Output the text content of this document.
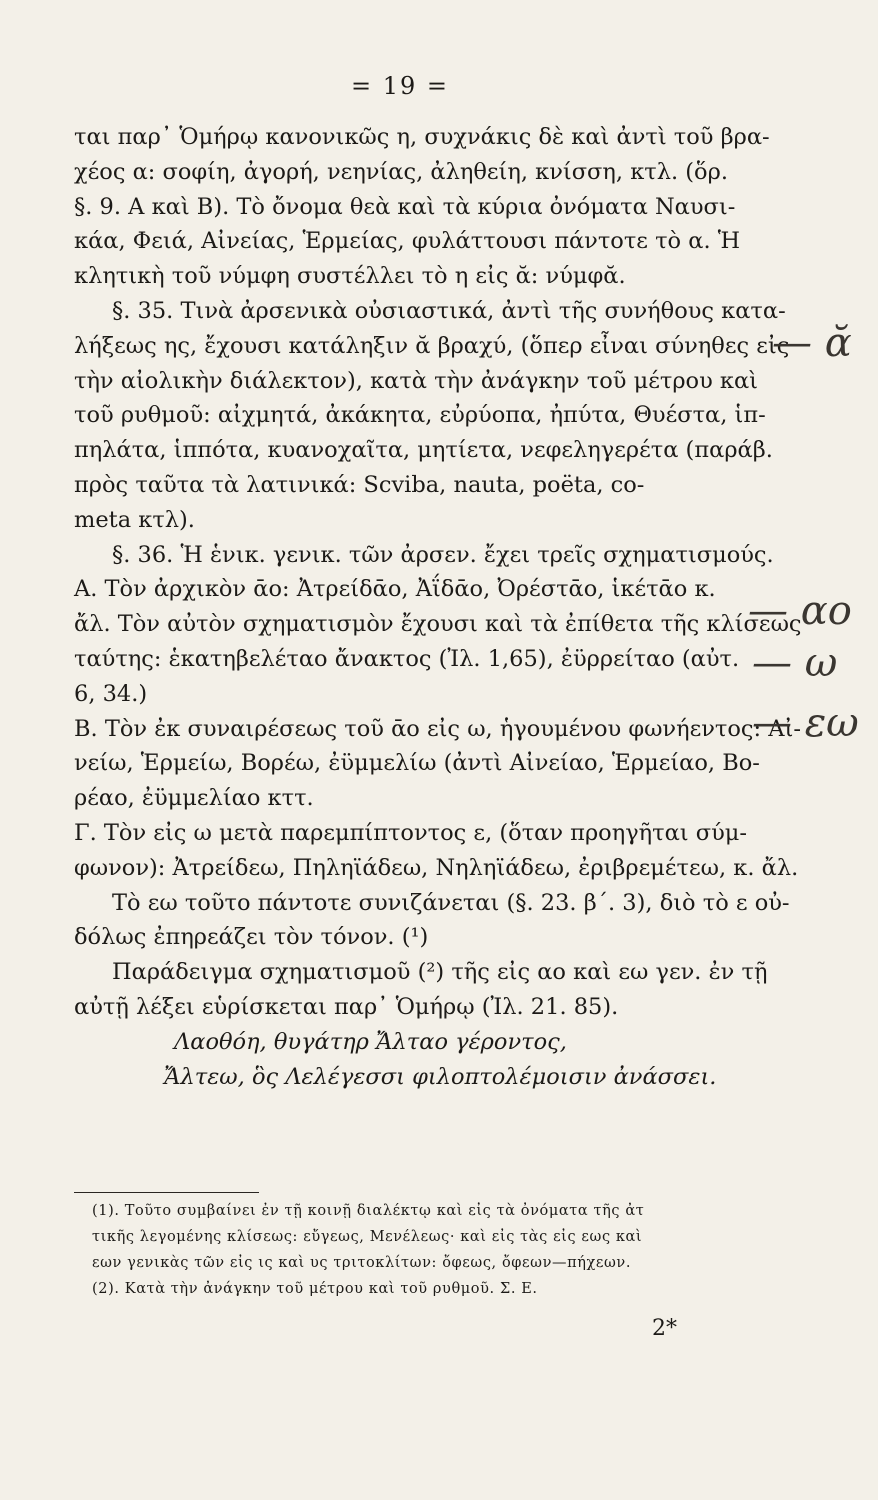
= 19 =
ται παρ᾽ Ὁμήρῳ κανονικῶς η, συχνάκις δὲ καὶ ἀντὶ τοῦ βρα-
χέος α: σοφίη, ἀγορή, νεηνίας, ἀληθείη, κνίσση, κτλ. (ὅρ.
§. 9. Α καὶ Β). Τὸ ὄνομα θεὰ καὶ τὰ κύρια ὀνόματα Ναυσι-
κάα, Φειά, Αἰνείας, Ἑρμείας, φυλάττουσι πάντοτε τὸ α. Ἡ
κλητικὴ τοῦ νύμφη συστέλλει τὸ η εἰς ᾰ: νύμφᾰ.
§. 35. Τινὰ ἀρσενικὰ οὐσιαστικά, ἀντὶ τῆς συνήθους κατα-
λήξεως ης, ἔχουσι κατάληξιν ᾰ βραχύ, (ὅπερ εἶναι σύνηθες εἰς
τὴν αἰολικὴν διάλεκτον), κατὰ τὴν ἀνάγκην τοῦ μέτρου καὶ
τοῦ ρυθμοῦ: αἰχμητά, ἀκάκητα, εὐρύοπα, ἠπύτα, Θυέστα, ἱπ-
πηλάτα, ἱππότα, κυανοχαῖτα, μητίετα, νεφεληγερέτα (παράβ.
πρὸς ταῦτα τὰ λατινικά: Scviba, nauta, poëta, co-
meta κτλ).
§. 36. Ἡ ἑνικ. γενικ. τῶν ἀρσεν. ἔχει τρεῖς σχηματισμούς.
Α. Τὸν ἀρχικὸν ᾱο: Ἀτρείδᾱο, Ἀΐδᾱο, Ὀρέστᾱο, ἱκέτᾱο κ.
ἄλ. Τὸν αὐτὸν σχηματισμὸν ἔχουσι καὶ τὰ ἐπίθετα τῆς κλίσεως
ταύτης: ἑκατηβελέταο ἄνακτος (Ἰλ. 1,65), ἐϋρρείταο (αὐτ.
6, 34.)
Β. Τὸν ἐκ συναιρέσεως τοῦ ᾱο εἰς ω, ἡγουμένου φωνήεντος: Αἰ-
νείω, Ἑρμείω, Βορέω, ἐϋμμελίω (ἀντὶ Αἰνείαο, Ἑρμείαο, Βο-
ρέαο, ἐϋμμελίαο κττ.
Γ. Τὸν εἰς ω μετὰ παρεμπίπτοντος ε, (ὅταν προηγῆται σύμ-
φωνον): Ἀτρείδεω, Πηληϊάδεω, Νηληϊάδεω, ἐριβρεμέτεω, κ. ἄλ.
Τὸ εω τοῦτο πάντοτε συνιζάνεται (§. 23. β΄. 3), διὸ τὸ ε οὐ-
δόλως ἐπηρεάζει τὸν τόνον. (¹)
Παράδειγμα σχηματισμοῦ (²) τῆς εἰς αο καὶ εω γεν. ἐν τῇ
αὐτῇ λέξει εὑρίσκεται παρ᾽ Ὁμήρῳ (Ἰλ. 21. 85).
Λαοθόη, θυγάτηρ Ἄλταο γέροντος,
Ἄλτεω, ὃς Λελέγεσσι φιλοπτολέμοισιν ἀνάσσει.
(1). Τοῦτο συμβαίνει ἐν τῇ κοινῇ διαλέκτῳ καὶ εἰς τὰ ὀνόματα τῆς ἀτ
τικῆς λεγομένης κλίσεως: εὔγεως, Μενέλεως· καὶ εἰς τὰς εἰς εως καὶ
εων γενικὰς τῶν εἰς ις καὶ υς τριτοκλίτων: ὄφεως, ὄφεων—πήχεων.
(2). Κατὰ τὴν ἀνάγκην τοῦ μέτρου καὶ τοῦ ρυθμοῦ. Σ. Ε.
2*
— ᾰ
— αο
— ω
— εω
